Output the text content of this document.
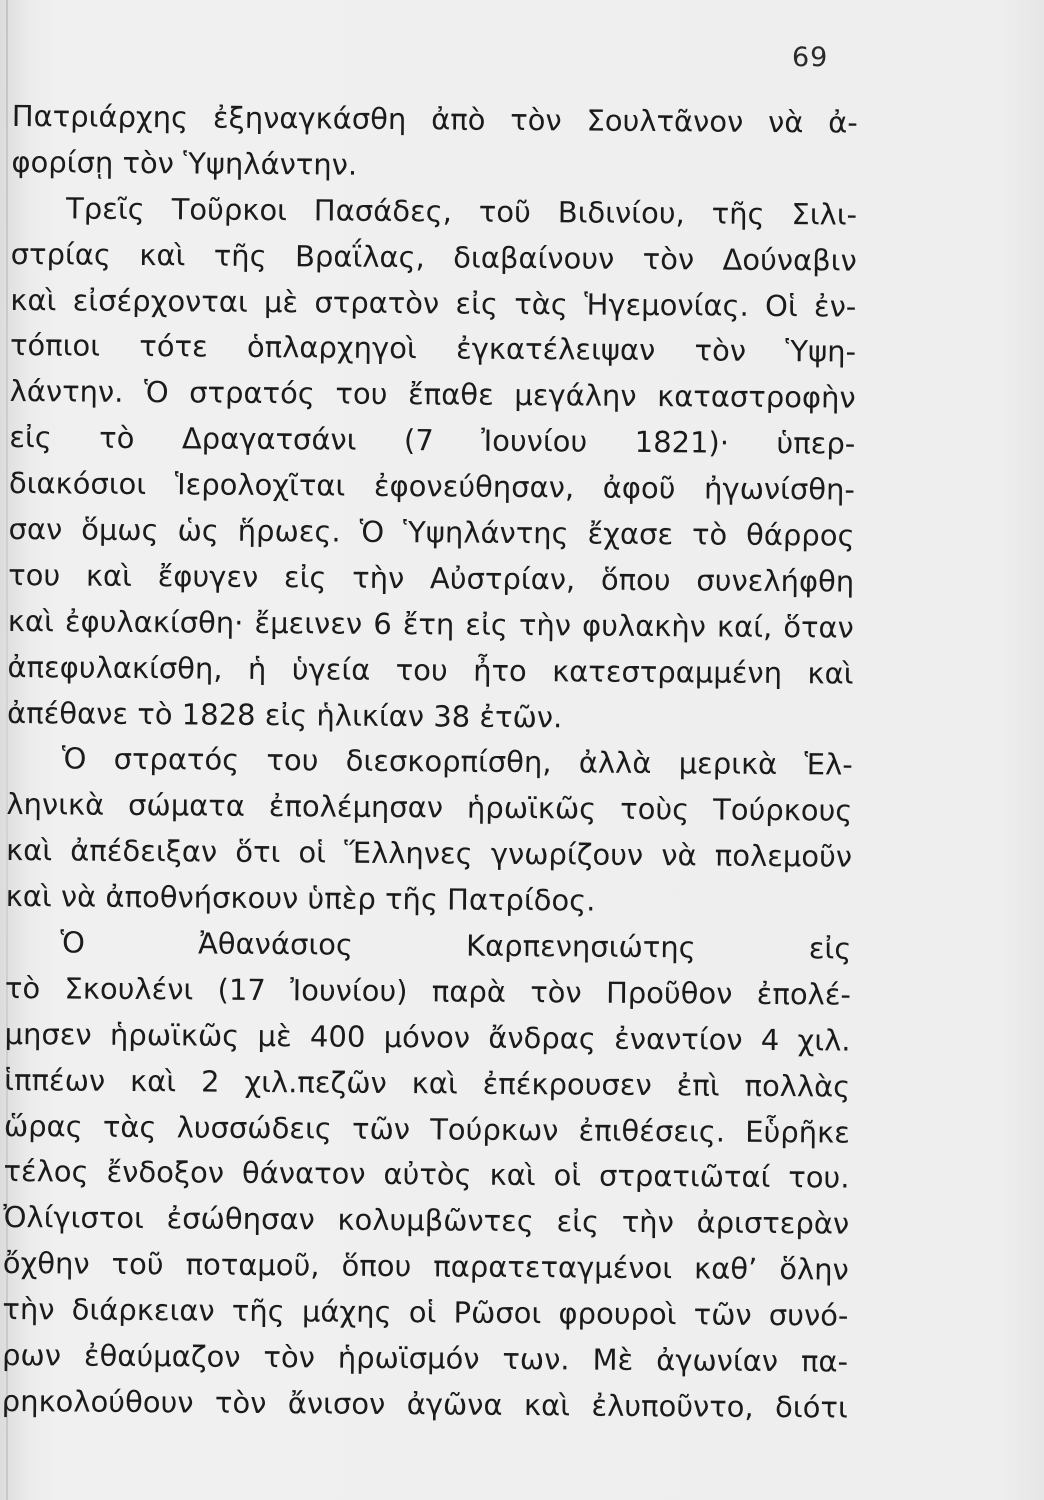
69
Πατριάρχης ἐξηναγκάσθη ἀπὸ τὸν Σουλτᾶνον νὰ ἀ-
φορίσῃ τὸν Ὑψηλάντην.
Τρεῖς Τοῦρκοι Πασάδες, τοῦ Βιδινίου, τῆς Σιλι-
στρίας καὶ τῆς Βραΐλας, διαβαίνουν τὸν Δούναβιν
καὶ εἰσέρχονται μὲ στρατὸν εἰς τὰς Ἡγεμονίας. Οἱ ἐν-
τόπιοι τότε ὁπλαρχηγοὶ ἐγκατέλειψαν τὸν Ὑψη-
λάντην. Ὁ στρατός του ἔπαθε μεγάλην καταστροφὴν
εἰς τὸ Δραγατσάνι (7 Ἰουνίου 1821)· ὑπερ-
διακόσιοι Ἱερολοχῖται ἐφονεύθησαν, ἀφοῦ ἠγωνίσθη-
σαν ὅμως ὡς ἥρωες. Ὁ Ὑψηλάντης ἔχασε τὸ θάρρος
του καὶ ἔφυγεν εἰς τὴν Αὐστρίαν, ὅπου συνελήφθη
καὶ ἐφυλακίσθη· ἔμεινεν 6 ἔτη εἰς τὴν φυλακὴν καί, ὅταν
ἀπεφυλακίσθη, ἡ ὑγεία του ἦτο κατεστραμμένη καὶ
ἀπέθανε τὸ 1828 εἰς ἡλικίαν 38 ἐτῶν.
Ὁ στρατός του διεσκορπίσθη, ἀλλὰ μερικὰ Ἑλ-
ληνικὰ σώματα ἐπολέμησαν ἡρωϊκῶς τοὺς Τούρκους
καὶ ἀπέδειξαν ὅτι οἱ Ἕλληνες γνωρίζουν νὰ πολεμοῦν
καὶ νὰ ἀποθνήσκουν ὑπὲρ τῆς Πατρίδος.
Ὁ Ἀθανάσιος Καρπενησιώτης εἰς
τὸ Σκουλένι (17 Ἰουνίου) παρὰ τὸν Προῦθον ἐπολέ-
μησεν ἡρωϊκῶς μὲ 400 μόνον ἄνδρας ἐναντίον 4 χιλ.
ἱππέων καὶ 2 χιλ.πεζῶν καὶ ἐπέκρουσεν ἐπὶ πολλὰς
ὥρας τὰς λυσσώδεις τῶν Τούρκων ἐπιθέσεις. Εὗρῆκε
τέλος ἔνδοξον θάνατον αὐτὸς καὶ οἱ στρατιῶταί του.
Ὀλίγιστοι ἐσώθησαν κολυμβῶντες εἰς τὴν ἀριστερὰν
ὄχθην τοῦ ποταμοῦ, ὅπου παρατεταγμένοι καθ’ ὅλην
τὴν διάρκειαν τῆς μάχης οἱ Ρῶσοι φρουροὶ τῶν συνό-
ρων ἐθαύμαζον τὸν ἡρωϊσμόν των. Μὲ ἀγωνίαν πα-
ρηκολούθουν τὸν ἄνισον ἀγῶνα καὶ ἐλυποῦντο, διότι
